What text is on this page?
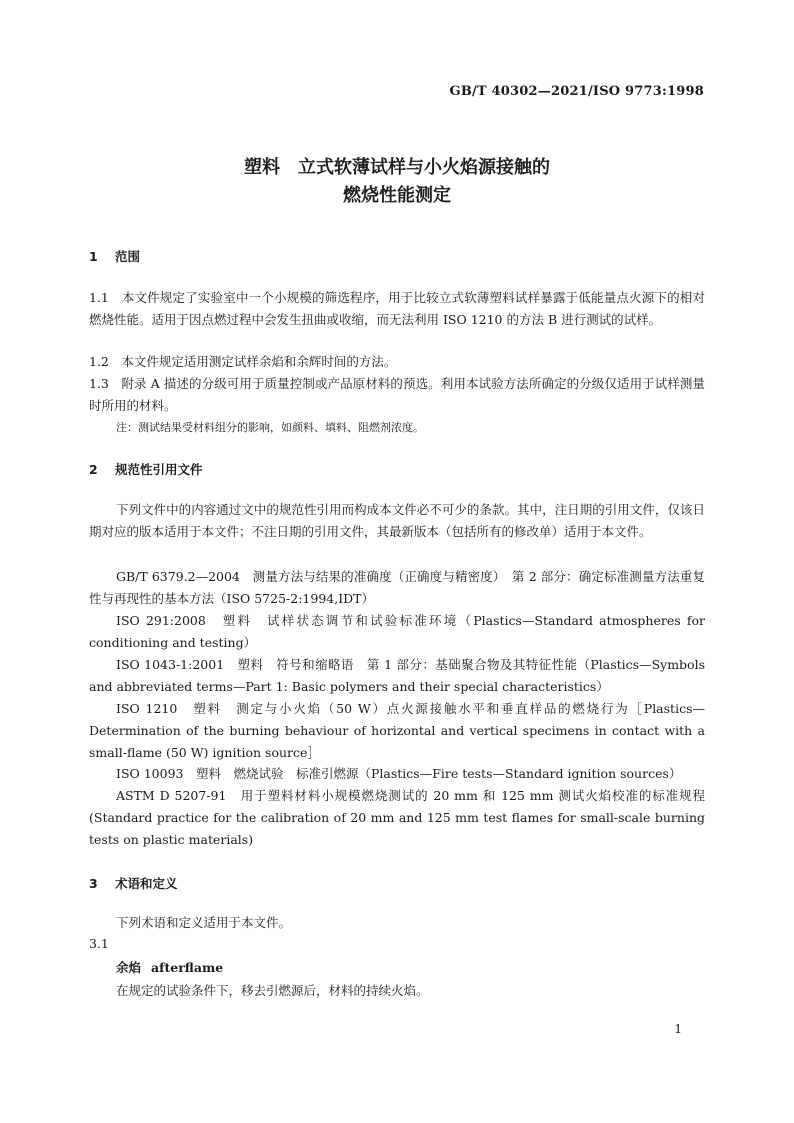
GB/T 40302—2021/ISO 9773:1998
塑料　立式软薄试样与小火焰源接触的
燃烧性能测定
1 范围

1.1　本文件规定了实验室中一个小规模的筛选程序，用于比较立式软薄塑料试样暴露于低能量点火源下的相对燃烧性能。适用于因点燃过程中会发生扭曲或收缩，而无法利用 ISO 1210 的方法 B 进行测试的试样。

1.2　本文件规定适用测定试样余焰和余辉时间的方法。

1.3　附录 A 描述的分级可用于质量控制或产品原材料的预选。利用本试验方法所确定的分级仅适用于试样测量时所用的材料。

注：测试结果受材料组分的影响，如颜料、填料、阻燃剂浓度。
2 规范性引用文件

下列文件中的内容通过文中的规范性引用而构成本文件必不可少的条款。其中，注日期的引用文件，仅该日期对应的版本适用于本文件；不注日期的引用文件，其最新版本（包括所有的修改单）适用于本文件。

GB/T 6379.2—2004　测量方法与结果的准确度（正确度与精密度）　第 2 部分：确定标准测量方法重复性与再现性的基本方法（ISO 5725-2:1994,IDT）

ISO 291:2008　塑料　试样状态调节和试验标准环境（Plastics—Standard atmospheres for conditioning and testing）

ISO 1043-1:2001　塑料　符号和缩略语　第 1 部分：基础聚合物及其特征性能（Plastics—Symbols and abbreviated terms—Part 1: Basic polymers and their special characteristics）

ISO 1210　塑料　测定与小火焰（50 W）点火源接触水平和垂直样品的燃烧行为［Plastics— Determination of the burning behaviour of horizontal and vertical specimens in contact with a small-flame (50 W) ignition source］

ISO 10093　塑料　燃烧试验　标准引燃源（Plastics—Fire tests—Standard ignition sources）

ASTM D 5207-91　用于塑料材料小规模燃烧测试的 20 mm 和 125 mm 测试火焰校准的标准规程 (Standard practice for the calibration of 20 mm and 125 mm test flames for small-scale burning tests on plastic materials)

3 术语和定义

下列术语和定义适用于本文件。

3.1
余焰 afterflame
在规定的试验条件下，移去引燃源后，材料的持续火焰。
1
